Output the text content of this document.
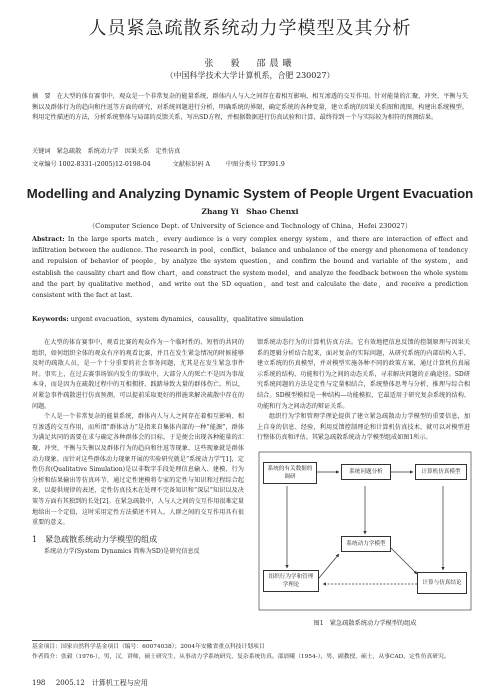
人员紧急疏散系统动力学模型及其分析
张　毅　邵晨曦
（中国科学技术大学计算机系，合肥 230027）
摘　要 在大型的体育赛事中，观众是一个非常复杂的能量系统，群体内人与人之间存在着相互影响、相互渗透的交互作用。针对能量的汇聚、冲突、平衡与失衡以及群体行为的趋向和往返等方面的研究，对系统问题进行分析，明确系统的界限，确定系统的各种变量，建立系统的因果关系图和流图，构建出系统模型。利用定性描述的方法，分析系统整体与局部的反馈关系，写出SD方程，并根据数据进行仿真试验和计算，最终得到一个与实际较为相符的预测结果。
关键词 紧急疏散　系统动力学　因果关系　定性仿真
文章编号 1002-8331-(2005)12-0198-04	文献标识码 A	中图分类号 TP391.9
Modelling and Analyzing Dynamic System of People Urgent Evacuation
Zhang Yi　Shao Chenxi
（Computer Science Dept. of University of Science and Technology of China，Hefei 230027）
Abstract: In the large sports match，every audience is a very complex energy system，and there are interaction of effect and infiltration between the audience. The research in pool，conflict，balance and unbalance of the energy and phenomena of tendency and repulsion of behavior of people，by analyze the system question，and confirm the bound and variable of the system，and establish the causality chart and flow chart，and construct the system model，and analyze the feedback between the whole system and the part by qualitative method，and write out the SD equation，and test and calculate the date，and receive a prediction consistent with the fact at last.
Keywords: urgent evacuation，system dynamics，causality，qualitative simulation

在大型的体育赛事中，观看比赛的观众作为一个临时性的、短暂的共同的组织，如何组织全体的观众有序的观看比赛，并且在发生紧急情况的时候能够及时的疏散人员，是一个十分重要的社会事务问题，尤其是在发生紧急事件时。事实上，在过去赛事场馆内发生的事故中，大部分人的死亡不是因为事故本身，而是因为在疏散过程中的互相拥挤、践踏导致大量的群体伤亡。所以，对紧急事件疏散进行仿真预测，可以提前采取更好的措施来解决疏散中存在的问题。

个人是一个非常复杂的能量系统，群体内人与人之间存在着相互影响、相互渗透的交互作用，而所谓“群体动力”是指来自集体内部的一种“能源”，群体为满足共同的需要在求与确定各种群体会的目标，于是便会出现各种能量的汇聚、冲突、平衡与失衡以及群体行为的趋向和往返等现象，这些现象就是群体动力现象。而针对这些群体动力现象开展的实验研究就是“系统动力学”[1]，定性仿真(Qualitative Simulation)是以非数字手段处理信息输入、建模、行为分析和结果输出等仿真环节，通过定性建模将专家的定性与知识和过程综合起来，以提供规律的表述，定性仿真技术在处理不完备知识和“深层”知识以及决策等方面有其独到的长处[2]。在紧急疏散中，人与人之间的交互作用很难定量地给出一个定值，这时采用定性方法描述不同人、人群之间的交互作用具有很重要的意义。

1　紧急疏散系统动力学模型的组成

系统动力学(System Dynamics 简称为SD)是研究信息反

馈系统动态行为的计算机仿真方法。它有效地把信息反馈的控制原理与因果关系的逻辑分析结合起来，面对复杂的实际问题，从研究系统的内部结构入手，建立系统的仿真模型，并对模型实施各种不同的政策方案，通过计算机仿真展示系统的结构、功能和行为之间的动态关系，寻求解决问题的正确途径。SD研究系统问题的方法是定性与定量相结合，系统整体思考与分析、推理与综合相结合。SD模型模拟是一种结构—功能模拟，它最适用于研究复杂系统的结构、功能和行为之间动态的辩证关系。

组织行为学和管理学理论提供了建立紧急疏散动力学模型的重要信息，加上自身的信息、经验，利用反馈控制理论和计算机仿真技术，就可以对模型进行整体仿真和评估。其紧急疏散系统动力学模型组成如图1所示。

系统的有关数据的调研
系统问题分析	计算机仿真模型
组织行为学和管理学理论
系统动力学模型
计算与仿真结论
图1　紧急疏散系统动力学模型的组成
基金项目：国家自然科学基金项目（编号：60074038）；2004年安徽省重点科技计划项目
作者简介：张毅（1976-），男，汉，讲师，硕士研究生，从事动力学系统研究，复杂系统仿真。邵晨曦（1954-），男，副教授，硕士，从事CAD、定性仿真研究。
198 2005.12　计算机工程与应用
